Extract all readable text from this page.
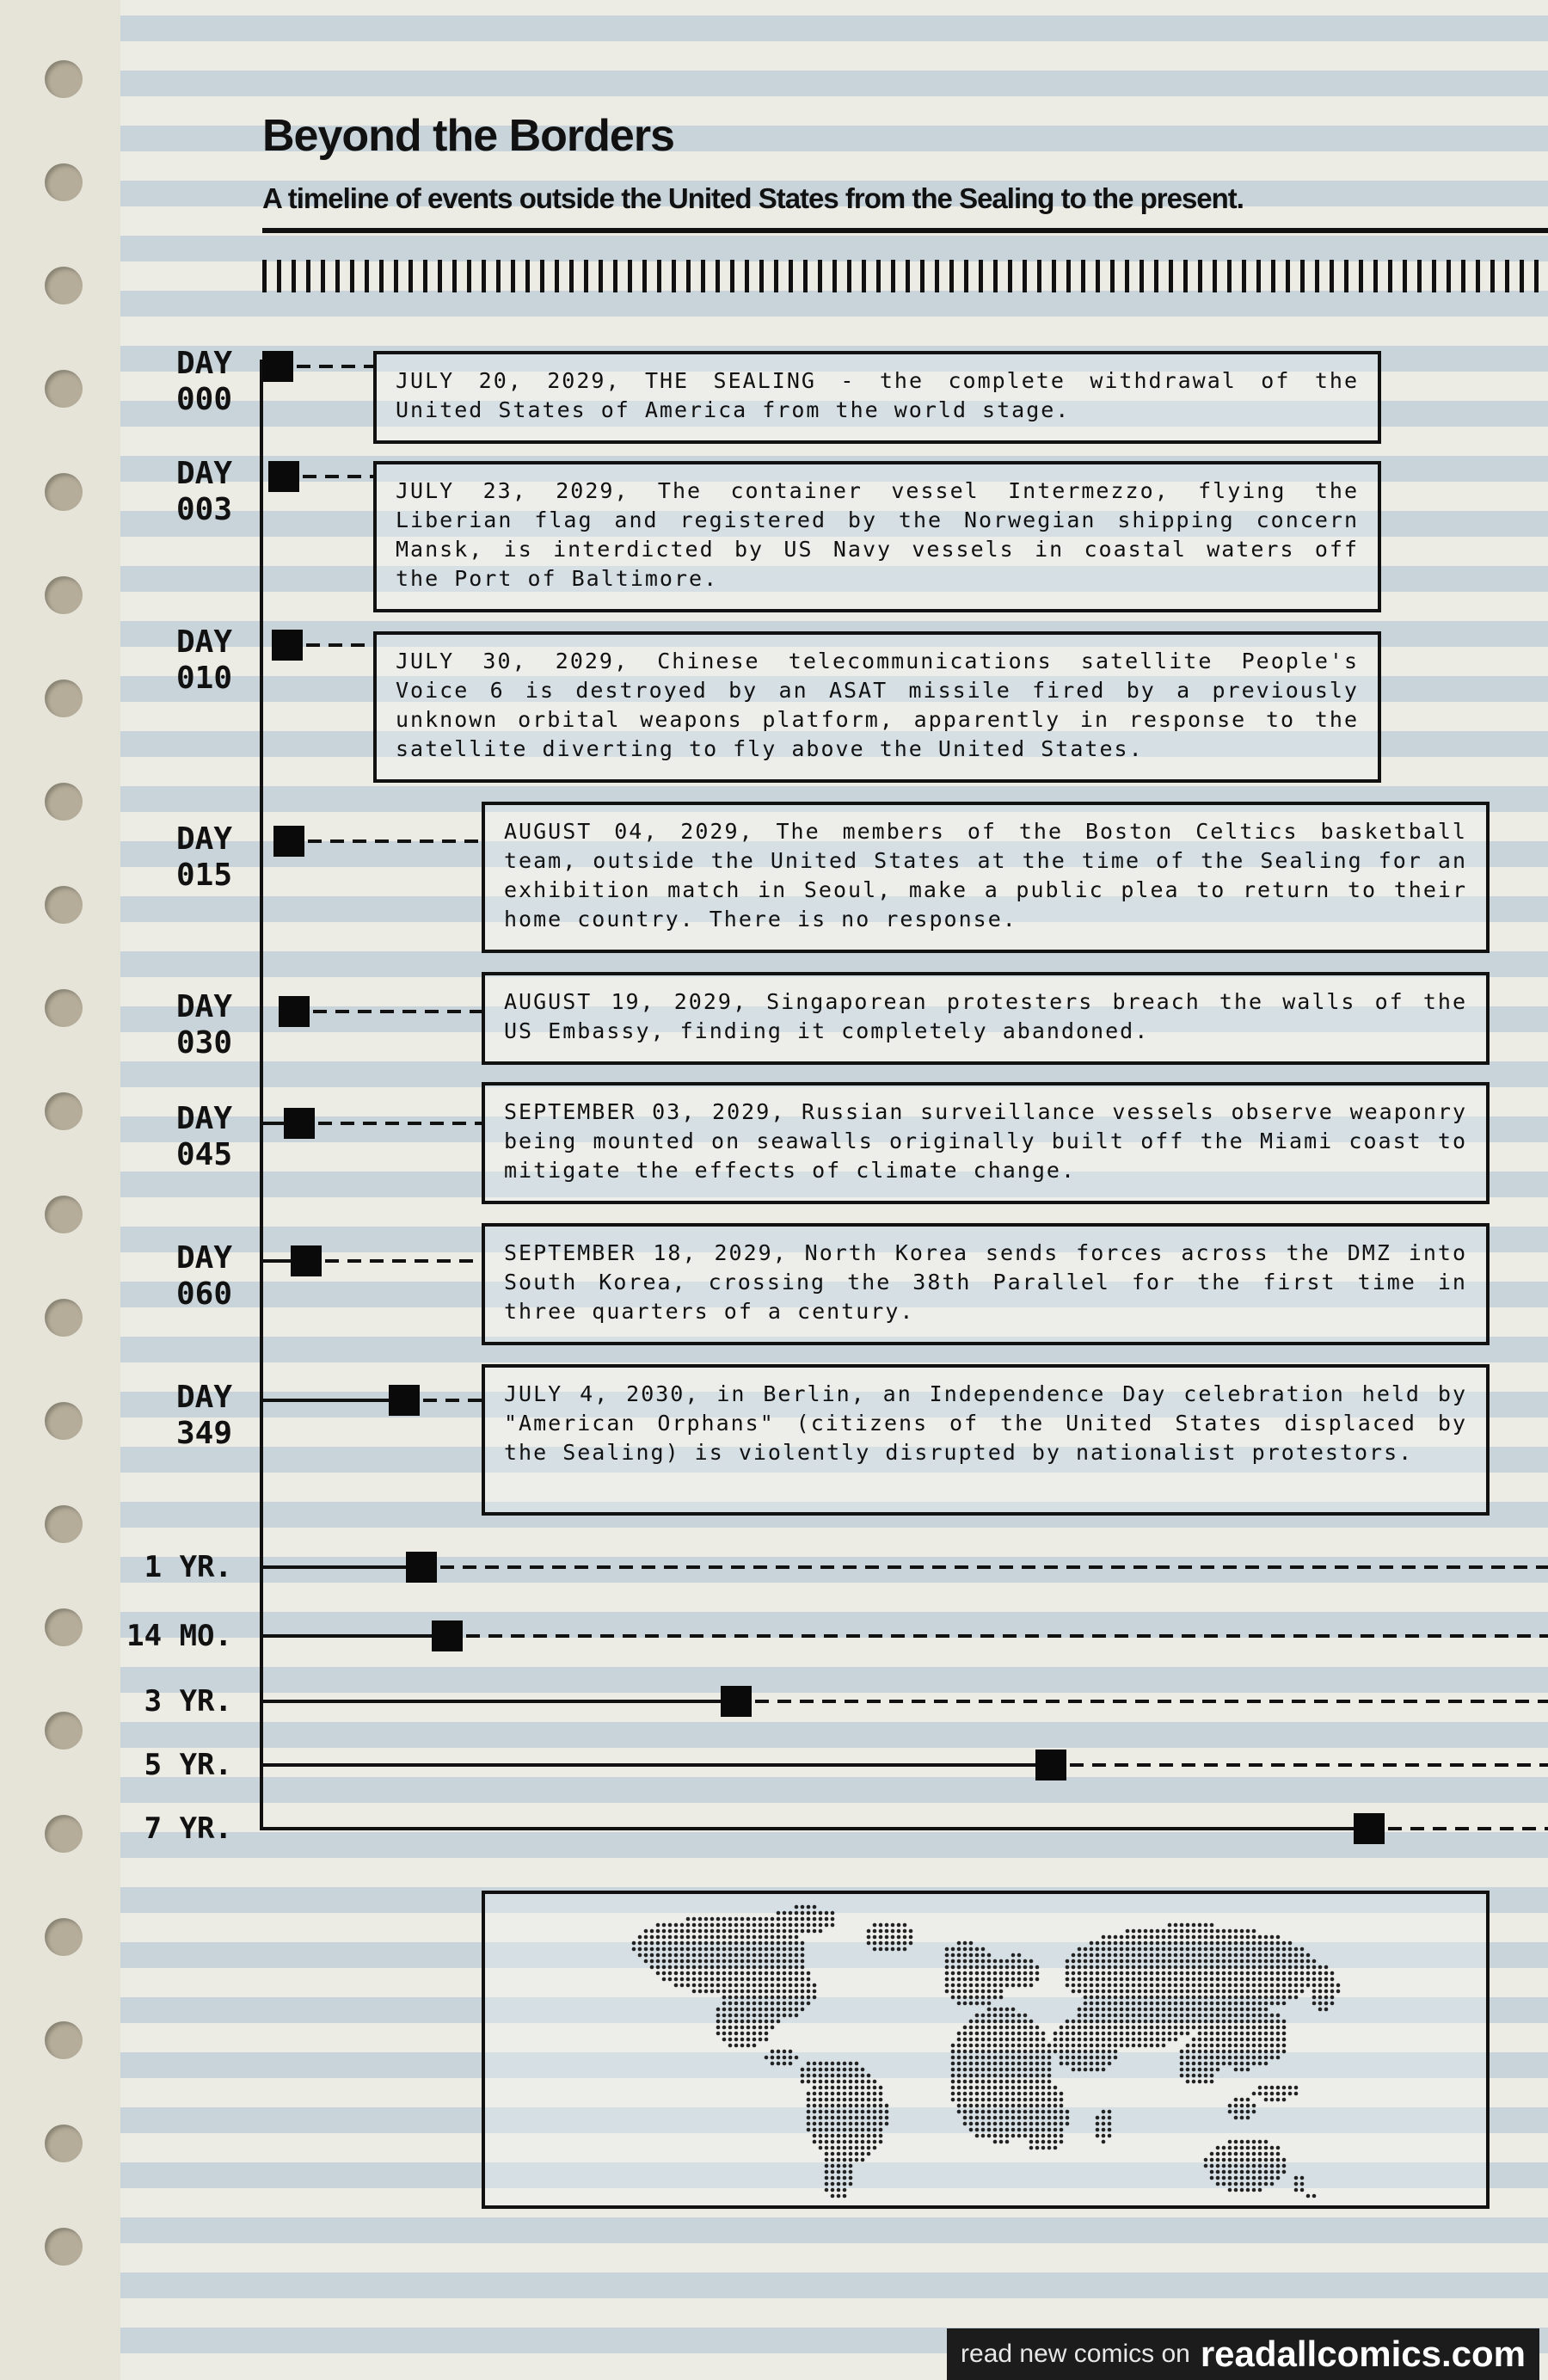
Beyond the Borders

A timeline of events outside the United States from the Sealing to the present.

DAY
000

JULY 20, 2029, THE SEALING - the complete withdrawal of the United States of America from the world stage.

DAY
003

JULY 23, 2029, The container vessel Intermezzo, flying the Liberian flag and registered by the Norwegian shipping concern Mansk, is interdicted by US Navy vessels in coastal waters off the Port of Baltimore.

DAY
010	JULY 30, 2029, Chinese telecommunications satellite People's Voice 6 is destroyed by an ASAT missile fired by a previously unknown orbital weapons platform, apparently in response to the satellite diverting to fly above the United States.

DAY
015

AUGUST 04, 2029, The members of the Boston Celtics basketball team, outside the United States at the time of the Sealing for an exhibition match in Seoul, make a public plea to return to their home country. There is no response.

DAY
030

AUGUST 19, 2029, Singaporean protesters breach the walls of the US Embassy, finding it completely abandoned.

DAY
045

SEPTEMBER 03, 2029, Russian surveillance vessels observe weaponry being mounted on seawalls originally built off the Miami coast to mitigate the effects of climate change.

DAY
060

SEPTEMBER 18, 2029, North Korea sends forces across the DMZ into South Korea, crossing the 38th Parallel for the first time in three quarters of a century.

DAY
349

JULY 4, 2030, in Berlin, an Independence Day celebration held by "American Orphans" (citizens of the United States displaced by the Sealing) is violently disrupted by nationalist protestors.

1 YR.
14 MO.
3 YR.
5 YR.
7 YR.
read new comics on readallcomics.com
